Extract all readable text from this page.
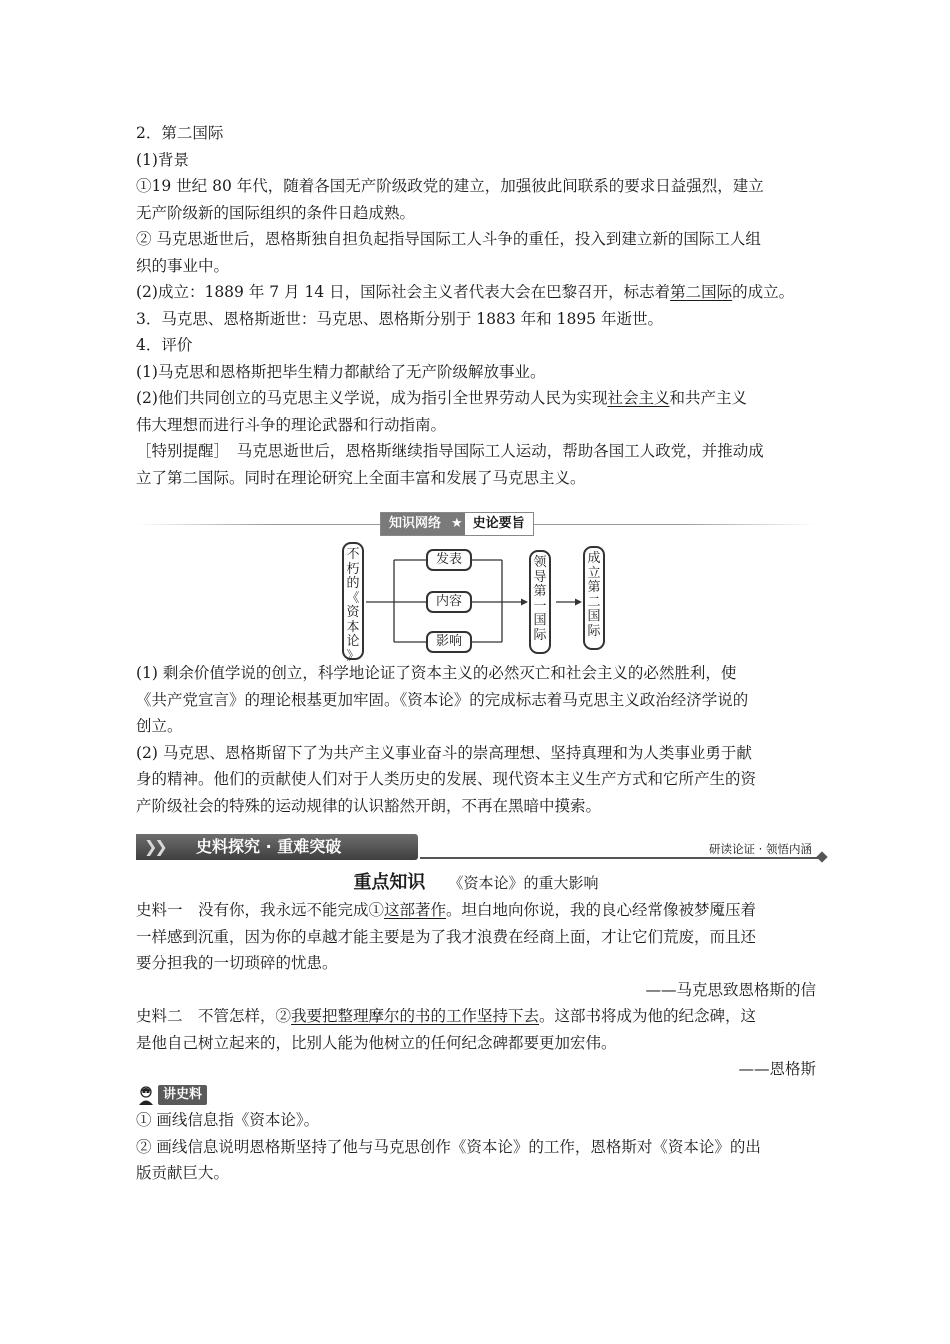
2．第二国际
(1)背景
①19 世纪 80 年代，随着各国无产阶级政党的建立，加强彼此间联系的要求日益强烈，建立
无产阶级新的国际组织的条件日趋成熟。
② 马克思逝世后，恩格斯独自担负起指导国际工人斗争的重任，投入到建立新的国际工人组
织的事业中。
(2)成立：1889 年 7 月 14 日，国际社会主义者代表大会在巴黎召开，标志着第二国际的成立。
3．马克思、恩格斯逝世：马克思、恩格斯分别于 1883 年和 1895 年逝世。
4．评价
(1)马克思和恩格斯把毕生精力都献给了无产阶级解放事业。
(2)他们共同创立的马克思主义学说，成为指引全世界劳动人民为实现社会主义和共产主义
伟大理想而进行斗争的理论武器和行动指南。
［特别提醒］　马克思逝世后，恩格斯继续指导国际工人运动，帮助各国工人政党，并推动成
立了第二国际。同时在理论研究上全面丰富和发展了马克思主义。
知识网络 ★ 史论要旨
不
朽
的
《
资
本
论
》
发表
内容
影响
领
导
第
一
国
际
成
立
第
二
国
际
(1) 剩余价值学说的创立，科学地论证了资本主义的必然灭亡和社会主义的必然胜利，使
《共产党宣言》的理论根基更加牢固。《资本论》的完成标志着马克思主义政治经济学说的
创立。
(2) 马克思、恩格斯留下了为共产主义事业奋斗的崇高理想、坚持真理和为人类事业勇于献
身的精神。他们的贡献使人们对于人类历史的发展、现代资本主义生产方式和它所产生的资
产阶级社会的特殊的运动规律的认识豁然开朗，不再在黑暗中摸索。
❯❯ 史料探究 · 重难突破	研读论证 · 领悟内涵
重点知识 《资本论》的重大影响
史料一　没有你，我永远不能完成①这部著作。坦白地向你说，我的良心经常像被梦魇压着
一样感到沉重，因为你的卓越才能主要是为了我才浪费在经商上面，才让它们荒废，而且还
要分担我的一切琐碎的忧患。
——马克思致恩格斯的信
史料二　不管怎样，②我要把整理摩尔的书的工作坚持下去。这部书将成为他的纪念碑，这
是他自己树立起来的，比别人能为他树立的任何纪念碑都要更加宏伟。
——恩格斯
讲史料
① 画线信息指《资本论》。
② 画线信息说明恩格斯坚持了他与马克思创作《资本论》的工作，恩格斯对《资本论》的出
版贡献巨大。
